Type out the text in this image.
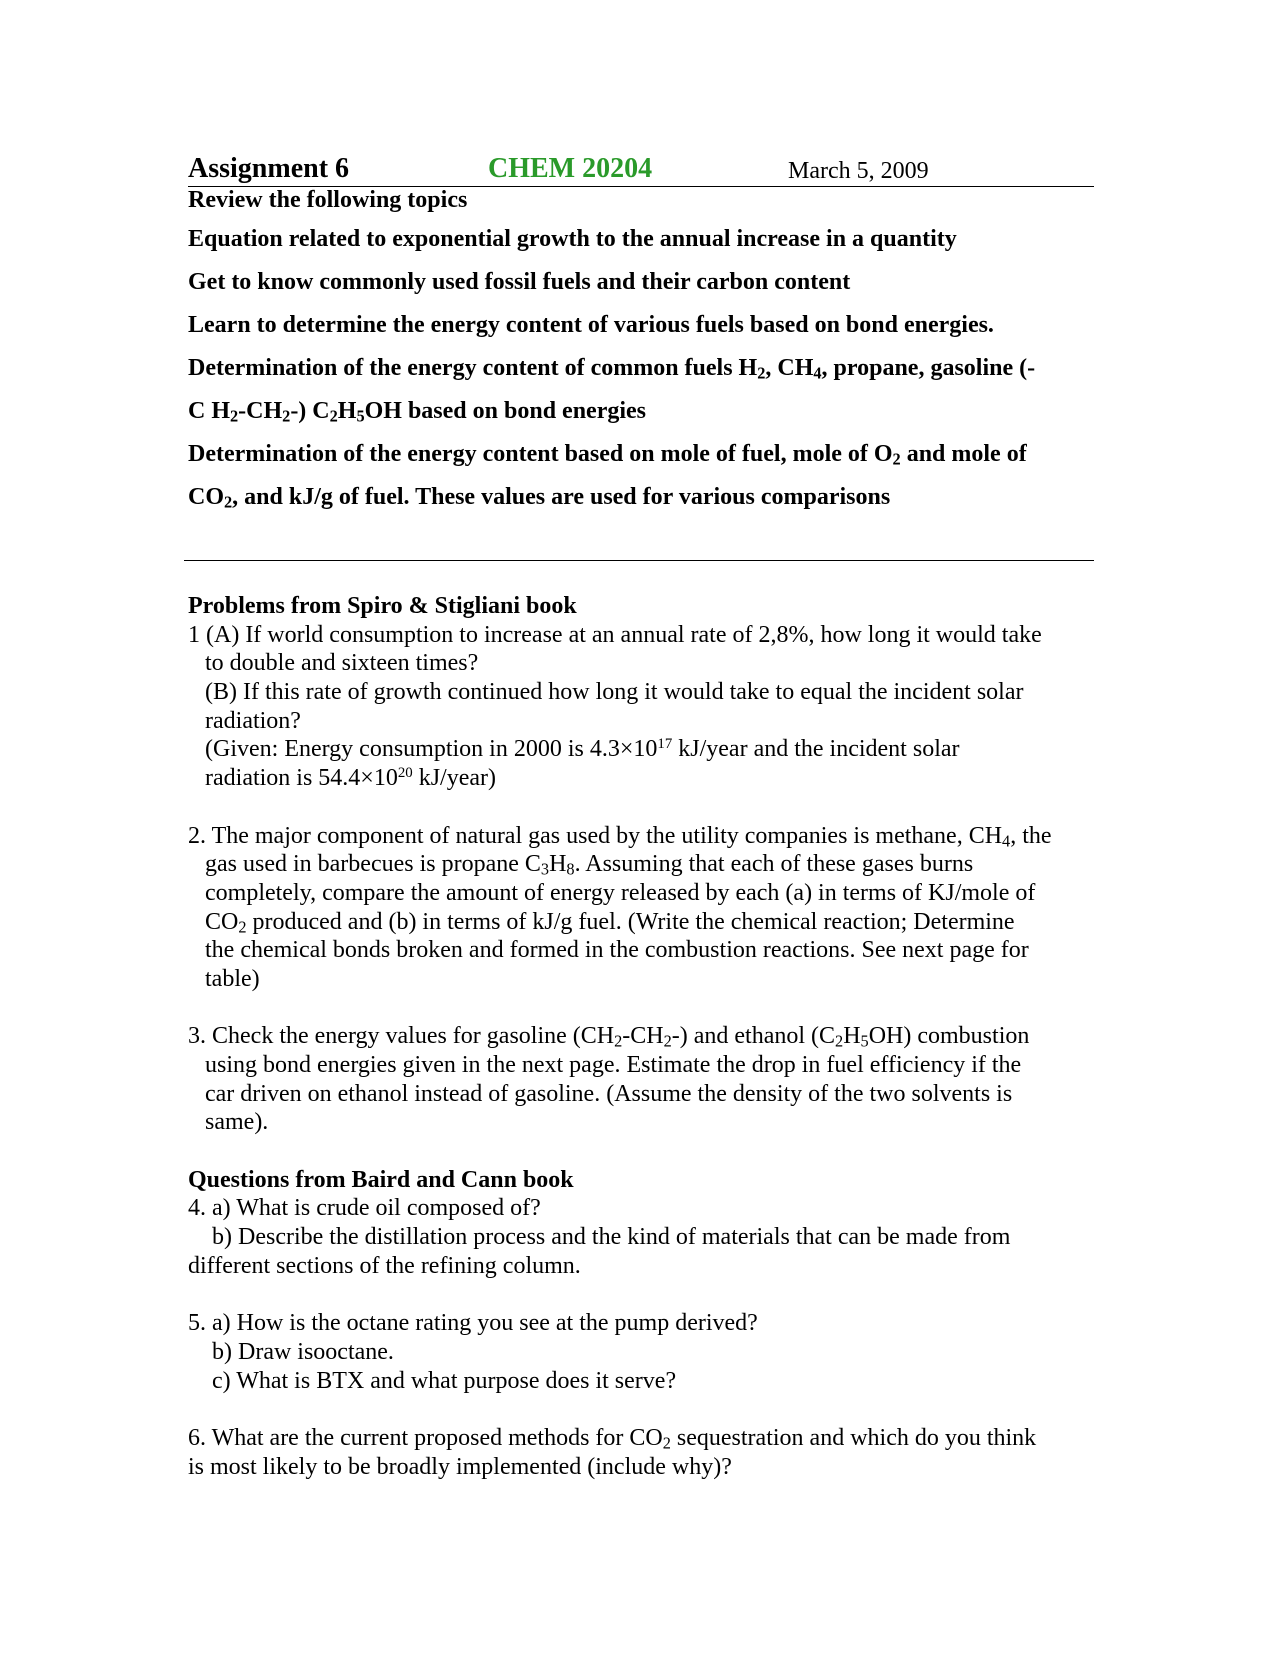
Assignment 6	CHEM 20204	March 5, 2009
Review the following topics
Equation related to exponential growth to the annual increase in a quantity
Get to know commonly used fossil fuels and their carbon content
Learn to determine the energy content of various fuels based on bond energies.
Determination of the energy content of common fuels $H_2$, $CH_4$, propane, gasoline (-
C $H_2-CH_2-$) $C_2H_5OH$ based on bond energies
Determination of the energy content based on mole of fuel, mole of $O_2$ and mole of
$CO_2$, and kJ/g of fuel. These values are used for various comparisons
Problems from Spiro & Stigliani book
1 (A) If world consumption to increase at an annual rate of 2,8%, how long it would take
to double and sixteen times?
(B) If this rate of growth continued how long it would take to equal the incident solar
radiation?
(Given: Energy consumption in 2000 is $4.3\times 10^{17}$ kJ/year and the incident solar
radiation is $54.4\times 10^{20}$ kJ/year)
2. The major component of natural gas used by the utility companies is methane, $CH_4$, the
gas used in barbecues is propane $C_3H_8$. Assuming that each of these gases burns
completely, compare the amount of energy released by each (a) in terms of KJ/mole of
$CO_2$ produced and (b) in terms of kJ/g fuel. (Write the chemical reaction; Determine
the chemical bonds broken and formed in the combustion reactions. See next page for
table)
3. Check the energy values for gasoline $(CH_2-CH_2-)$ and ethanol $(C_2H_5OH)$ combustion
using bond energies given in the next page. Estimate the drop in fuel efficiency if the
car driven on ethanol instead of gasoline. (Assume the density of the two solvents is
same).
Questions from Baird and Cann book
4. a) What is crude oil composed of?
b) Describe the distillation process and the kind of materials that can be made from
different sections of the refining column.
5. a) How is the octane rating you see at the pump derived?
b) Draw isooctane.
c) What is BTX and what purpose does it serve?
6. What are the current proposed methods for $CO_2$ sequestration and which do you think
is most likely to be broadly implemented (include why)?
